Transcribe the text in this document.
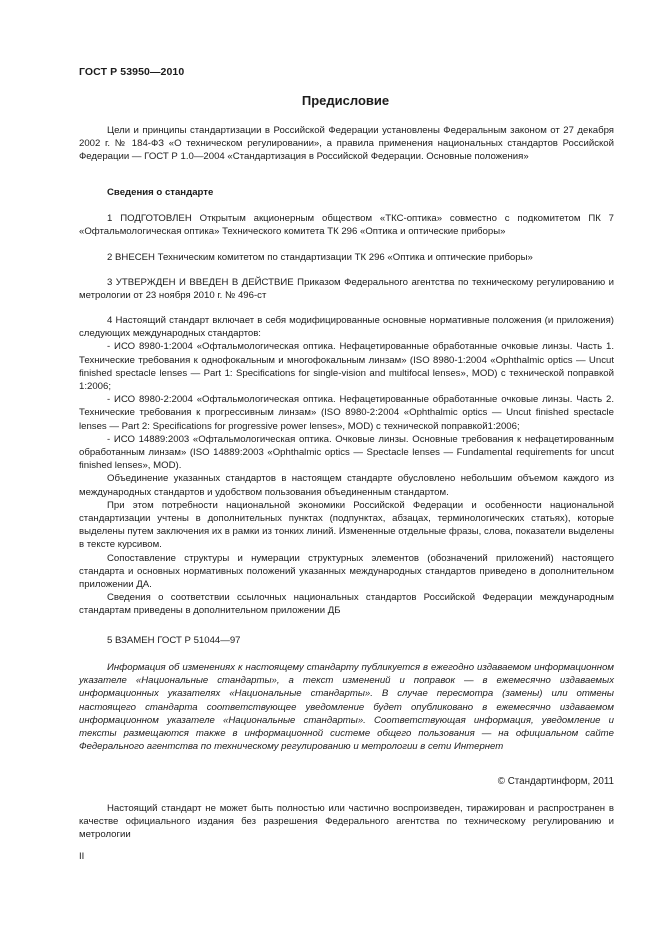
ГОСТ Р 53950—2010
Предисловие

Цели и принципы стандартизации в Российской Федерации установлены Федеральным законом от 27 декабря 2002 г. № 184-ФЗ «О техническом регулировании», а правила применения национальных стандартов Российской Федерации — ГОСТ Р 1.0—2004 «Стандартизация в Российской Федерации. Основные положения»

Сведения о стандарте

1 ПОДГОТОВЛЕН Открытым акционерным обществом «ТКС-оптика» совместно с подкомитетом ПК 7 «Офтальмологическая оптика» Технического комитета ТК 296 «Оптика и оптические приборы»

2 ВНЕСЕН Техническим комитетом по стандартизации ТК 296 «Оптика и оптические приборы»

3 УТВЕРЖДЕН И ВВЕДЕН В ДЕЙСТВИЕ Приказом Федерального агентства по техническому регулированию и метрологии от 23 ноября 2010 г. № 496-ст

4 Настоящий стандарт включает в себя модифицированные основные нормативные положения (и приложения) следующих международных стандартов:

- ИСО 8980-1:2004 «Офтальмологическая оптика. Нефацетированные обработанные очковые линзы. Часть 1. Технические требования к однофокальным и многофокальным линзам» (ISO 8980-1:2004 «Ophthalmic optics — Uncut finished spectacle lenses — Part 1: Specifications for single-vision and multifocal lenses», MOD) с технической поправкой 1:2006;

- ИСО 8980-2:2004 «Офтальмологическая оптика. Нефацетированные обработанные очковые линзы. Часть 2. Технические требования к прогрессивным линзам» (ISO 8980-2:2004 «Ophthalmic optics — Uncut finished spectacle lenses — Part 2: Specifications for progressive power lenses», MOD) с технической поправкой1:2006;

- ИСО 14889:2003 «Офтальмологическая оптика. Очковые линзы. Основные требования к нефацетированным обработанным линзам» (ISO 14889:2003 «Ophthalmic optics — Spectacle lenses — Fundamental requirements for uncut finished lenses», MOD).

Объединение указанных стандартов в настоящем стандарте обусловлено небольшим объемом каждого из международных стандартов и удобством пользования объединенным стандартом.

При этом потребности национальной экономики Российской Федерации и особенности национальной стандартизации учтены в дополнительных пунктах (подпунктах, абзацах, терминологических статьях), которые выделены путем заключения их в рамки из тонких линий. Измененные отдельные фразы, слова, показатели выделены в тексте курсивом.

Сопоставление структуры и нумерации структурных элементов (обозначений приложений) настоящего стандарта и основных нормативных положений указанных международных стандартов приведено в дополнительном приложении ДА.

Сведения о соответствии ссылочных национальных стандартов Российской Федерации международным стандартам приведены в дополнительном приложении ДБ

5 ВЗАМЕН ГОСТ Р 51044—97

Информация об изменениях к настоящему стандарту публикуется в ежегодно издаваемом информационном указателе «Национальные стандарты», а текст изменений и поправок — в ежемесячно издаваемых информационных указателях «Национальные стандарты». В случае пересмотра (замены) или отмены настоящего стандарта соответствующее уведомление будет опубликовано в ежемесячно издаваемом информационном указателе «Национальные стандарты». Соответствующая информация, уведомление и тексты размещаются также в информационной системе общего пользования — на официальном сайте Федерального агентства по техническому регулированию и метрологии в сети Интернет

© Стандартинформ, 2011

Настоящий стандарт не может быть полностью или частично воспроизведен, тиражирован и распространен в качестве официального издания без разрешения Федерального агентства по техническому регулированию и метрологии

II
